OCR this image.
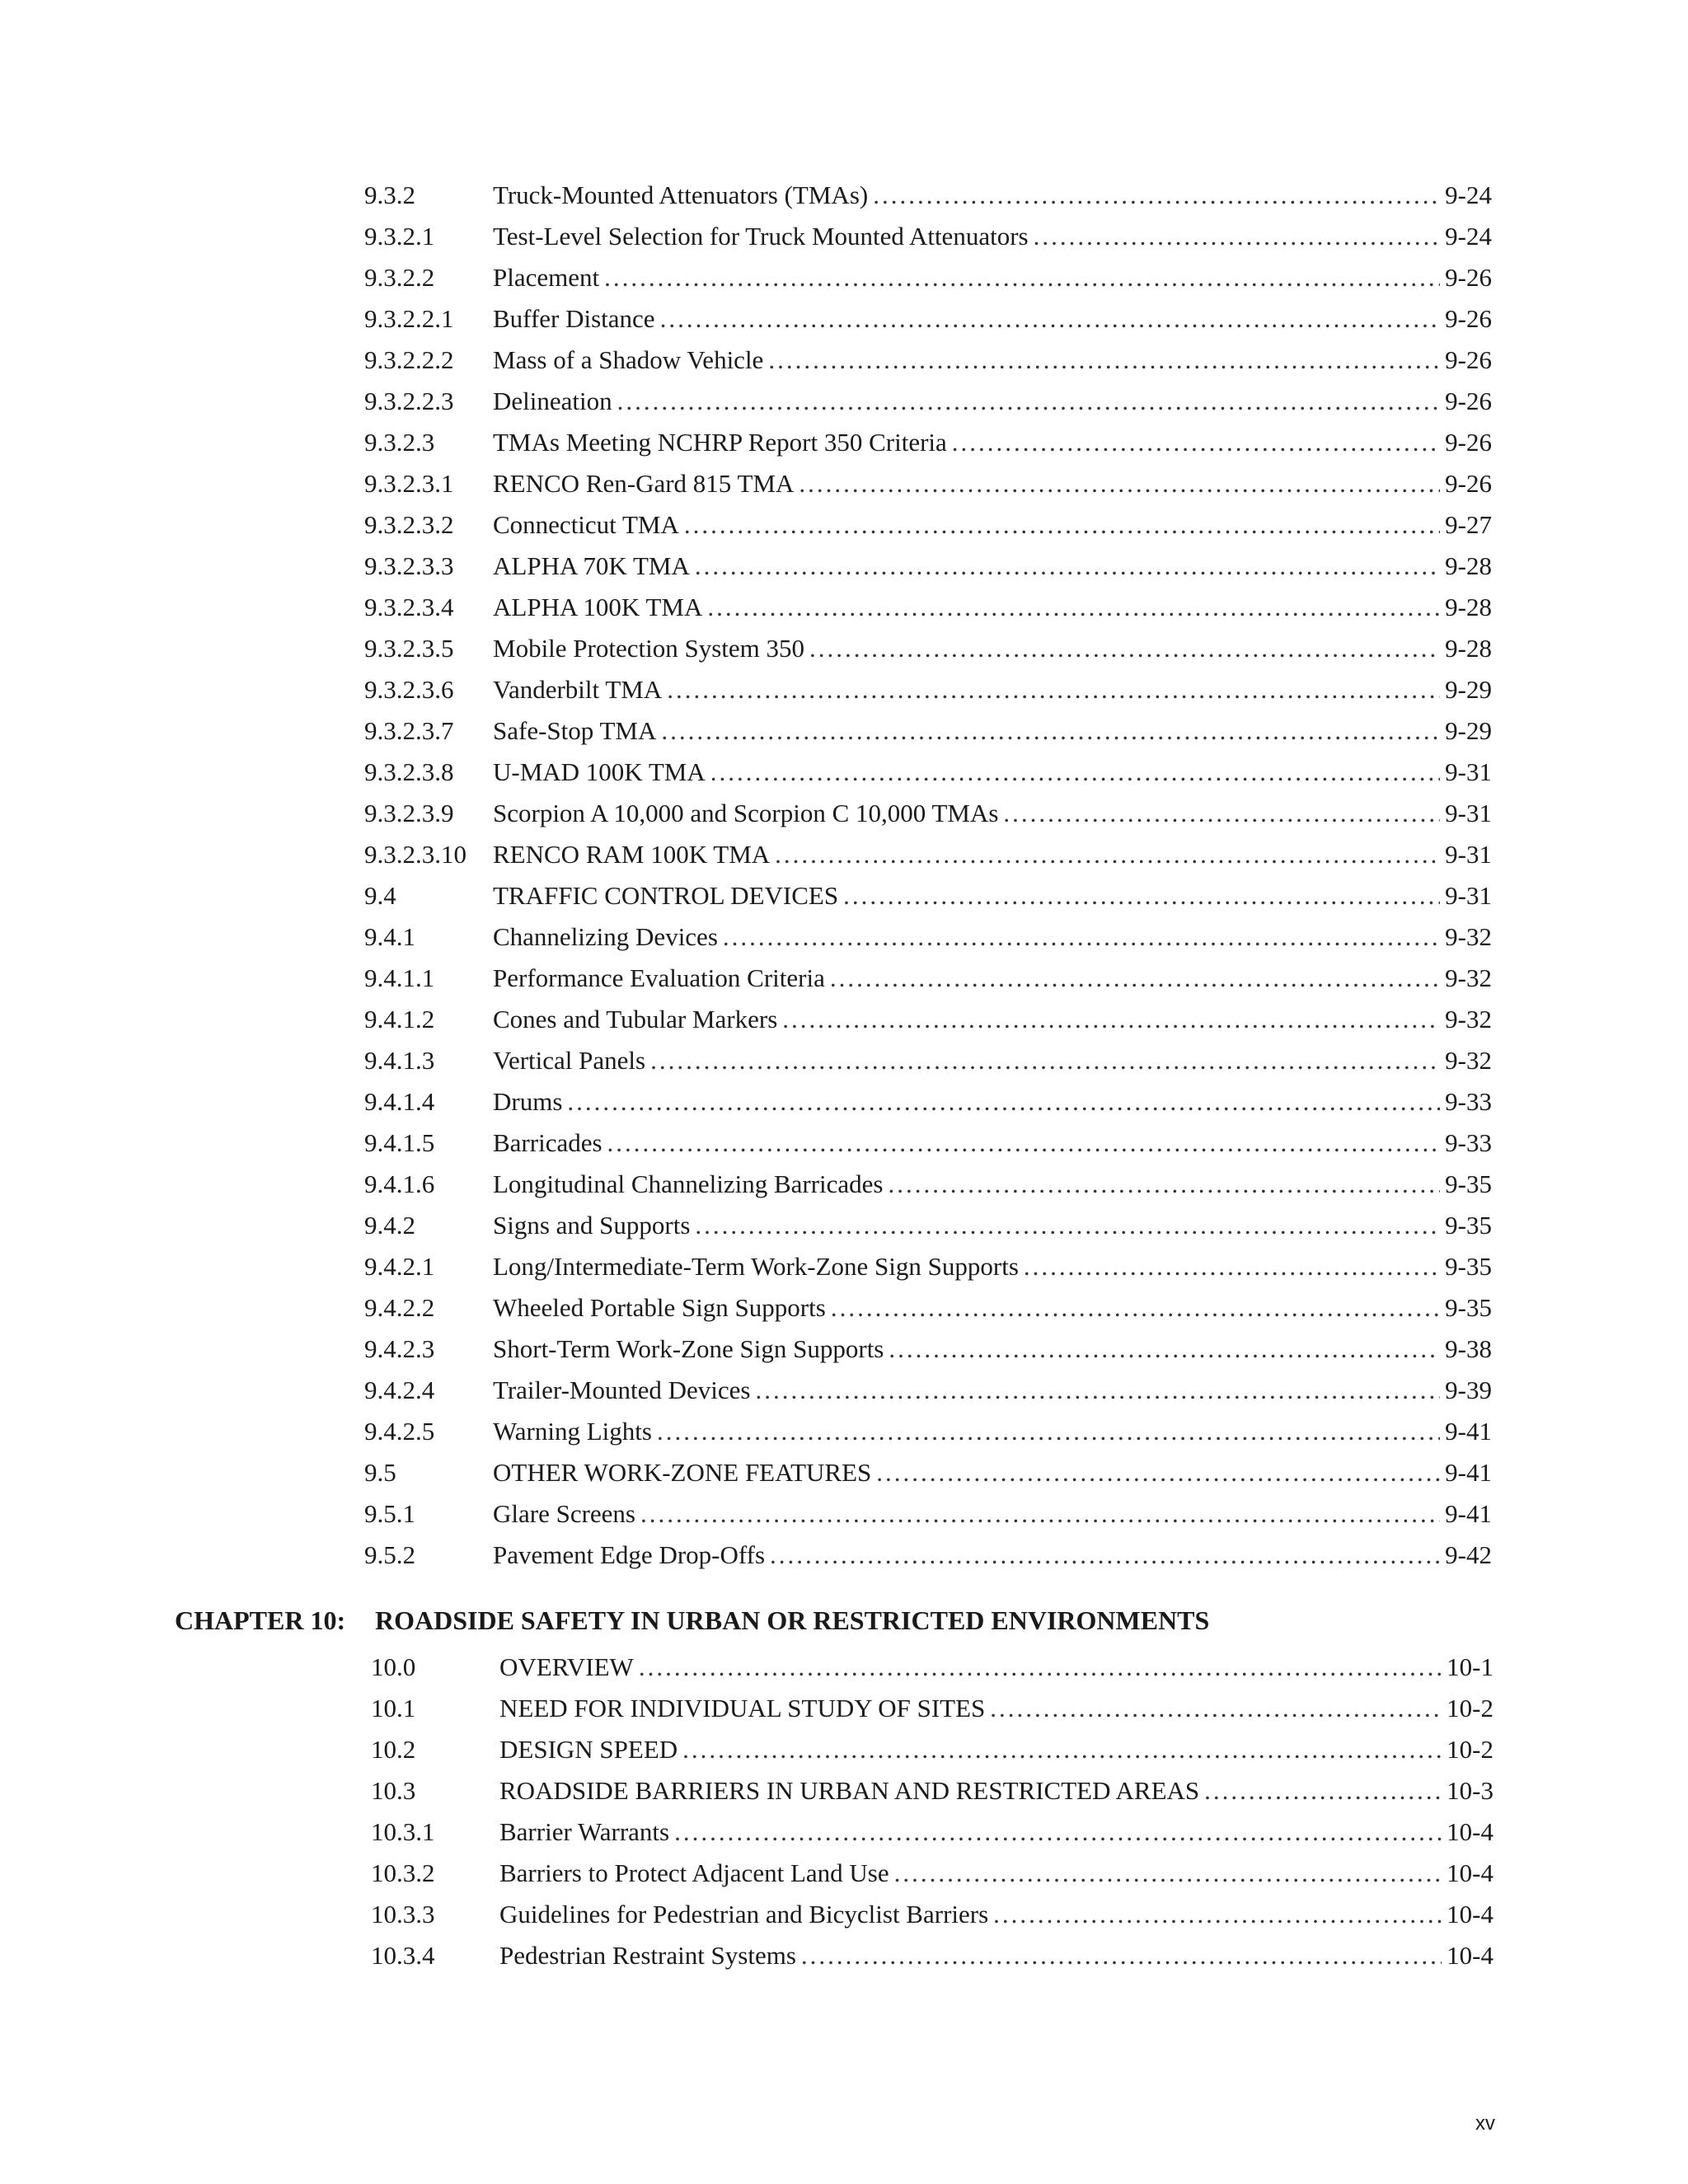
9.3.2	Truck-Mounted Attenuators (TMAs) .....	9-24
9.3.2.1	Test-Level Selection for Truck Mounted Attenuators .....	9-24
9.3.2.2	Placement .....	9-26
9.3.2.2.1	Buffer Distance .....	9-26
9.3.2.2.2	Mass of a Shadow Vehicle .....	9-26
9.3.2.2.3	Delineation .....	9-26
9.3.2.3	TMAs Meeting NCHRP Report 350 Criteria .....	9-26
9.3.2.3.1	RENCO Ren-Gard 815 TMA .....	9-26
9.3.2.3.2	Connecticut TMA .....	9-27
9.3.2.3.3	ALPHA 70K TMA .....	9-28
9.3.2.3.4	ALPHA 100K TMA .....	9-28
9.3.2.3.5	Mobile Protection System 350 .....	9-28
9.3.2.3.6	Vanderbilt TMA .....	9-29
9.3.2.3.7	Safe-Stop TMA .....	9-29
9.3.2.3.8	U-MAD 100K TMA .....	9-31
9.3.2.3.9	Scorpion A 10,000 and Scorpion C 10,000 TMAs .....	9-31
9.3.2.3.10	RENCO RAM 100K TMA .....	9-31
9.4	TRAFFIC CONTROL DEVICES .....	9-31
9.4.1	Channelizing Devices .....	9-32
9.4.1.1	Performance Evaluation Criteria .....	9-32
9.4.1.2	Cones and Tubular Markers .....	9-32
9.4.1.3	Vertical Panels .....	9-32
9.4.1.4	Drums .....	9-33
9.4.1.5	Barricades .....	9-33
9.4.1.6	Longitudinal Channelizing Barricades .....	9-35
9.4.2	Signs and Supports .....	9-35
9.4.2.1	Long/Intermediate-Term Work-Zone Sign Supports .....	9-35
9.4.2.2	Wheeled Portable Sign Supports .....	9-35
9.4.2.3	Short-Term Work-Zone Sign Supports .....	9-38
9.4.2.4	Trailer-Mounted Devices .....	9-39
9.4.2.5	Warning Lights .....	9-41
9.5	OTHER WORK-ZONE FEATURES .....	9-41
9.5.1	Glare Screens .....	9-41
9.5.2	Pavement Edge Drop-Offs .....	9-42
CHAPTER 10:	ROADSIDE SAFETY IN URBAN OR RESTRICTED ENVIRONMENTS
10.0	OVERVIEW .....	10-1
10.1	NEED FOR INDIVIDUAL STUDY OF SITES .....	10-2
10.2	DESIGN SPEED .....	10-2
10.3	ROADSIDE BARRIERS IN URBAN AND RESTRICTED AREAS .....	10-3
10.3.1	Barrier Warrants .....	10-4
10.3.2	Barriers to Protect Adjacent Land Use .....	10-4
10.3.3	Guidelines for Pedestrian and Bicyclist Barriers .....	10-4
10.3.4	Pedestrian Restraint Systems .....	10-4
xv
